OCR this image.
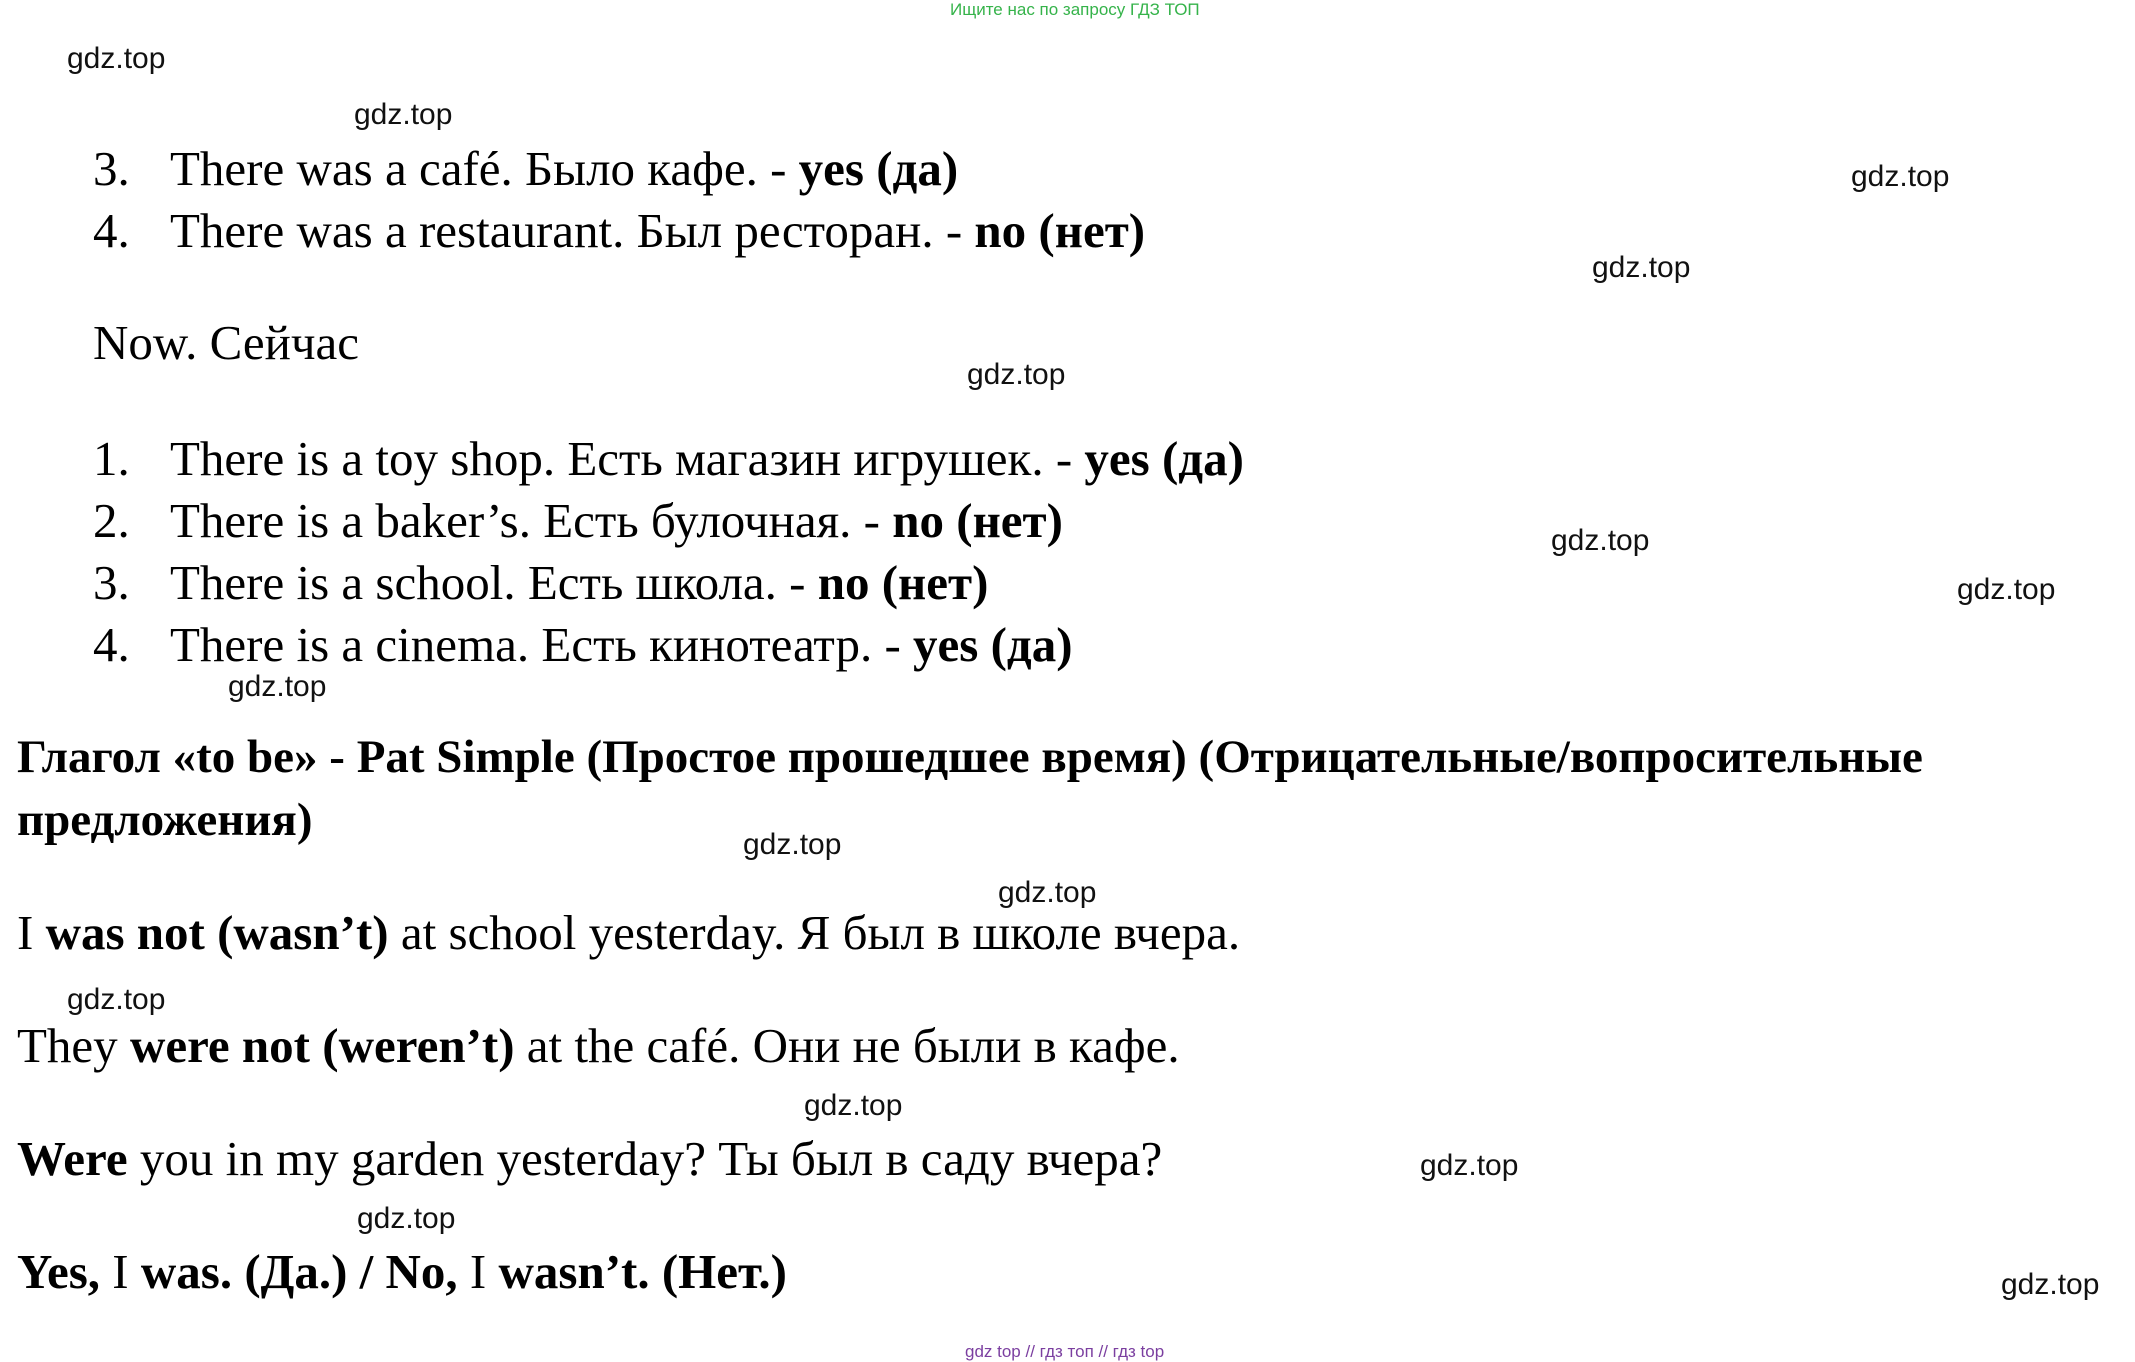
Ищите нас по запросу ГДЗ ТОП
gdz top // гдз топ // гдз top
gdz.top
gdz.top
gdz.top
gdz.top
gdz.top
gdz.top
gdz.top
gdz.top
gdz.top
gdz.top
gdz.top
gdz.top
gdz.top
gdz.top
gdz.top
3. There was a café. Было кафе. - yes (да)
4. There was a restaurant. Был ресторан. - no (нет)
Now. Сейчас
1. There is a toy shop. Есть магазин игрушек. - yes (да)
2. There is a baker’s. Есть булочная. - no (нет)
3. There is a school. Есть школа. - no (нет)
4. There is a cinema. Есть кинотеатр. - yes (да)
Глагол «to be» - Pat Simple (Простое прошедшее время) (Отрицательные/вопросительные предложения)
I was not (wasn’t) at school yesterday. Я был в школе вчера.
They were not (weren’t) at the café. Они не были в кафе.
Were you in my garden yesterday? Ты был в саду вчера?
Yes, I was. (Да.) / No, I wasn’t. (Нет.)
